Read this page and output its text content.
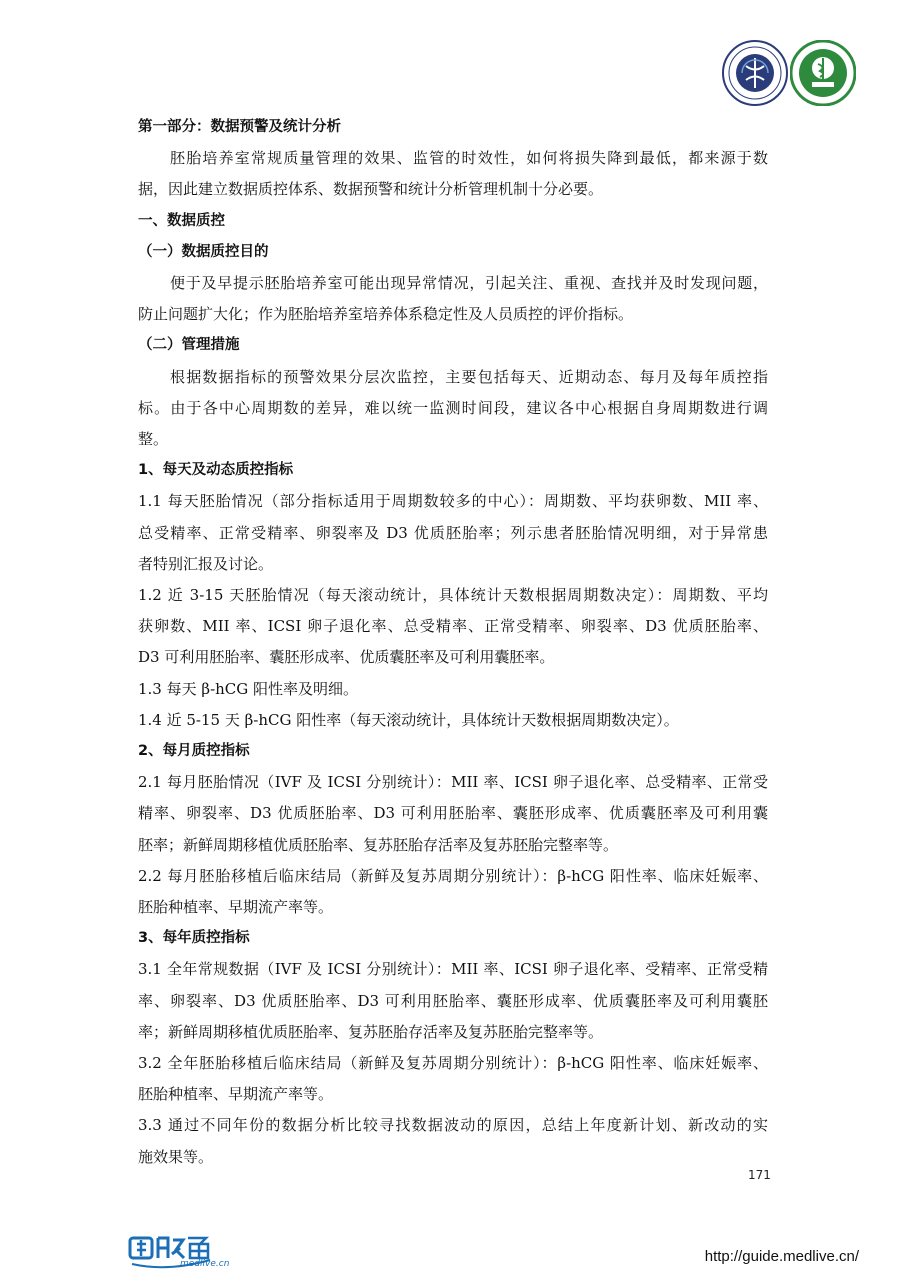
第一部分：数据预警及统计分析
胚胎培养室常规质量管理的效果、监管的时效性，如何将损失降到最低，都来源于数
据，因此建立数据质控体系、数据预警和统计分析管理机制十分必要。
一、数据质控
（一）数据质控目的
便于及早提示胚胎培养室可能出现异常情况，引起关注、重视、查找并及时发现问题，
防止问题扩大化；作为胚胎培养室培养体系稳定性及人员质控的评价指标。
（二）管理措施
根据数据指标的预警效果分层次监控，主要包括每天、近期动态、每月及每年质控指
标。由于各中心周期数的差异，难以统一监测时间段，建议各中心根据自身周期数进行调
整。
1、每天及动态质控指标
1.1 每天胚胎情况（部分指标适用于周期数较多的中心）：周期数、平均获卵数、MII 率、
总受精率、正常受精率、卵裂率及 D3 优质胚胎率；列示患者胚胎情况明细，对于异常患
者特别汇报及讨论。
1.2 近 3-15 天胚胎情况（每天滚动统计，具体统计天数根据周期数决定）：周期数、平均
获卵数、MII 率、ICSI 卵子退化率、总受精率、正常受精率、卵裂率、D3 优质胚胎率、
D3 可利用胚胎率、囊胚形成率、优质囊胚率及可利用囊胚率。
1.3 每天 β-hCG 阳性率及明细。
1.4 近 5-15 天 β-hCG 阳性率（每天滚动统计，具体统计天数根据周期数决定）。
2、每月质控指标
2.1 每月胚胎情况（IVF 及 ICSI 分别统计）：MII 率、ICSI 卵子退化率、总受精率、正常受
精率、卵裂率、D3 优质胚胎率、D3 可利用胚胎率、囊胚形成率、优质囊胚率及可利用囊
胚率；新鲜周期移植优质胚胎率、复苏胚胎存活率及复苏胚胎完整率等。
2.2 每月胚胎移植后临床结局（新鲜及复苏周期分别统计）：β-hCG 阳性率、临床妊娠率、
胚胎种植率、早期流产率等。
3、每年质控指标
3.1 全年常规数据（IVF 及 ICSI 分别统计）：MII 率、ICSI 卵子退化率、受精率、正常受精
率、卵裂率、D3 优质胚胎率、D3 可利用胚胎率、囊胚形成率、优质囊胚率及可利用囊胚
率；新鲜周期移植优质胚胎率、复苏胚胎存活率及复苏胚胎完整率等。
3.2 全年胚胎移植后临床结局（新鲜及复苏周期分别统计）：β-hCG 阳性率、临床妊娠率、
胚胎种植率、早期流产率等。
3.3 通过不同年份的数据分析比较寻找数据波动的原因，总结上年度新计划、新改动的实
施效果等。
171
medlive.cn	http://guide.medlive.cn/
